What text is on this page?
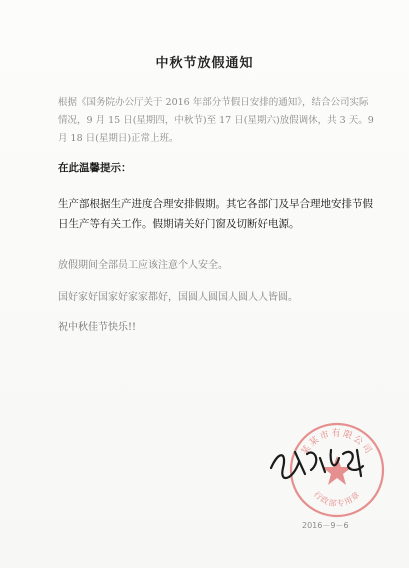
中秋节放假通知
根据《国务院办公厅关于 2016 年部分节假日安排的通知》，结合公司实际情况，9 月 15 日(星期四，中秋节)至 17 日(星期六)放假调休，共 3 天。9 月 18 日(星期日)正常上班。
在此温馨提示：
生产部根据生产进度合理安排假期。其它各部门及早合理地安排节假日生产等有关工作。假期请关好门窗及切断好电源。
放假期间全部员工应该注意个人安全。
国好家好国家好家家都好，国圆人圆国人圆人人皆圆。
祝中秋佳节快乐!!
某某市有限公司
行政部专用章
2016－9－6
